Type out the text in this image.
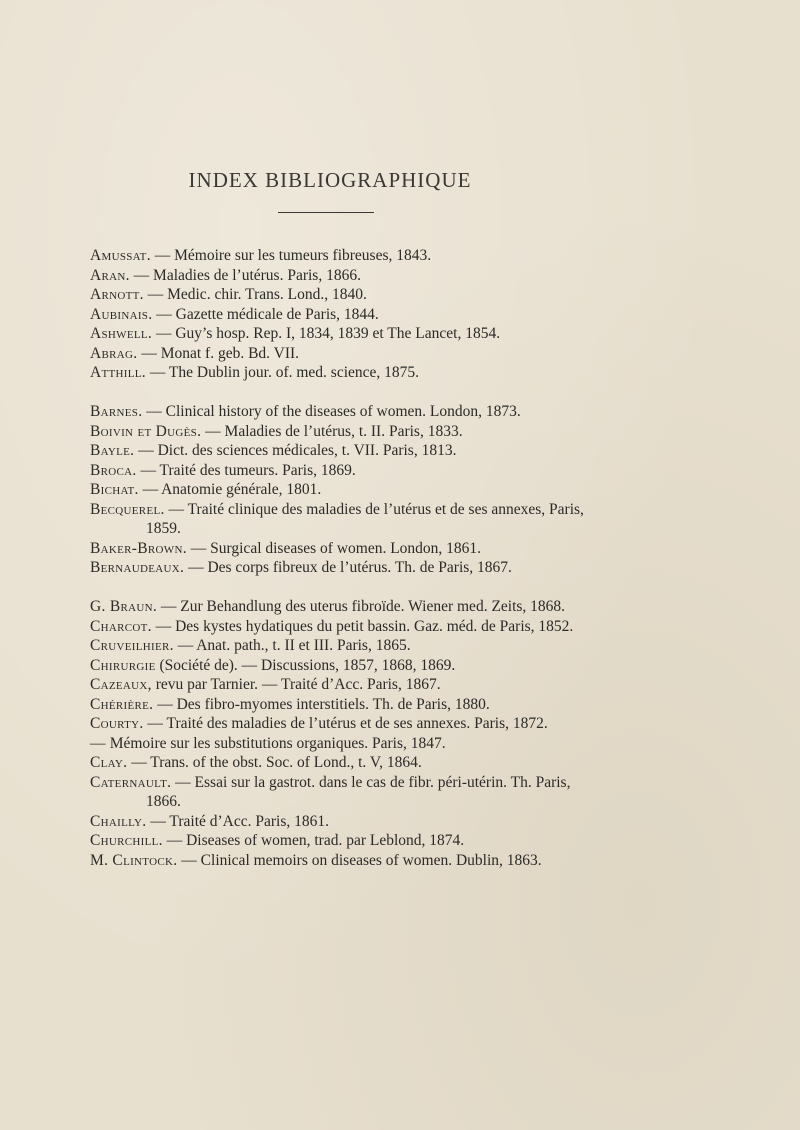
INDEX BIBLIOGRAPHIQUE
Amussat. — Mémoire sur les tumeurs fibreuses, 1843.
Aran. — Maladies de l’utérus. Paris, 1866.
Arnott. — Medic. chir. Trans. Lond., 1840.
Aubinais. — Gazette médicale de Paris, 1844.
Ashwell. — Guy’s hosp. Rep. I, 1834, 1839 et The Lancet, 1854.
Abrag. — Monat f. geb. Bd. VII.
Atthill. — The Dublin jour. of. med. science, 1875.
Barnes. — Clinical history of the diseases of women. London, 1873.
Boivin et Dugès. — Maladies de l’utérus, t. II. Paris, 1833.
Bayle. — Dict. des sciences médicales, t. VII. Paris, 1813.
Broca. — Traité des tumeurs. Paris, 1869.
Bichat. — Anatomie générale, 1801.
Becquerel. — Traité clinique des maladies de l’utérus et de ses annexes, Paris, 1859.
Baker-Brown. — Surgical diseases of women. London, 1861.
Bernaudeaux. — Des corps fibreux de l’utérus. Th. de Paris, 1867.
G. Braun. — Zur Behandlung des uterus fibroïde. Wiener med. Zeits, 1868.
Charcot. — Des kystes hydatiques du petit bassin. Gaz. méd. de Paris, 1852.
Cruveilhier. — Anat. path., t. II et III. Paris, 1865.
Chirurgie (Société de). — Discussions, 1857, 1868, 1869.
Cazeaux, revu par Tarnier. — Traité d’Acc. Paris, 1867.
Chérière. — Des fibro-myomes interstitiels. Th. de Paris, 1880.
Courty. — Traité des maladies de l’utérus et de ses annexes. Paris, 1872.
— Mémoire sur les substitutions organiques. Paris, 1847.
Clay. — Trans. of the obst. Soc. of Lond., t. V, 1864.
Caternault. — Essai sur la gastrot. dans le cas de fibr. péri-utérin. Th. Paris, 1866.
Chailly. — Traité d’Acc. Paris, 1861.
Churchill. — Diseases of women, trad. par Leblond, 1874.
M. Clintock. — Clinical memoirs on diseases of women. Dublin, 1863.
